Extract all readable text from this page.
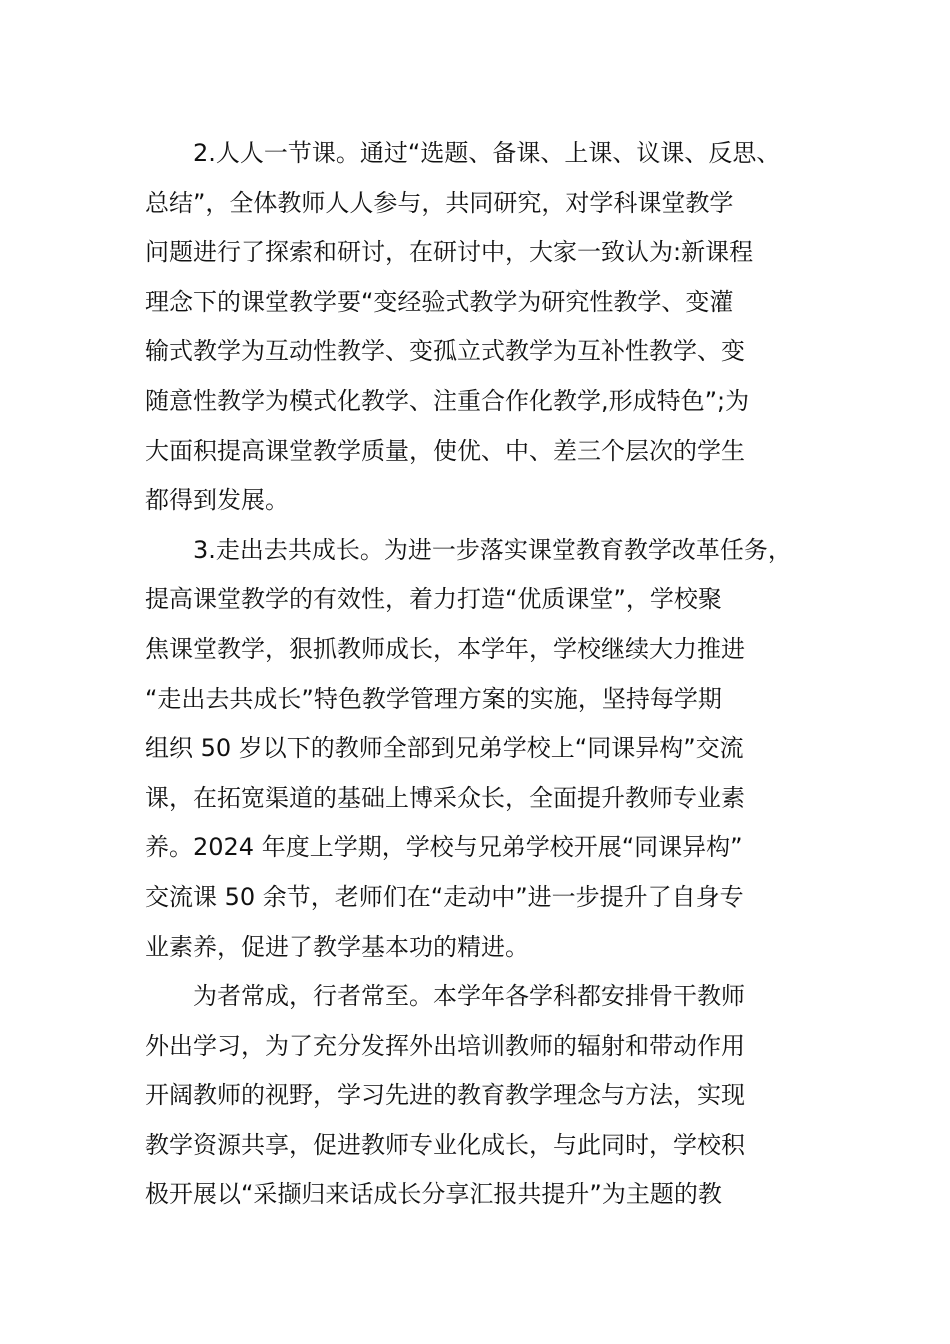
2.人人一节课。通过“选题、备课、上课、议课、反思、
总结”，全体教师人人参与，共同研究，对学科课堂教学
问题进行了探索和研讨，在研讨中，大家一致认为:新课程
理念下的课堂教学要“变经验式教学为研究性教学、变灌
输式教学为互动性教学、变孤立式教学为互补性教学、变
随意性教学为模式化教学、注重合作化教学,形成特色”;为
大面积提高课堂教学质量，使优、中、差三个层次的学生
都得到发展。
3.走出去共成长。为进一步落实课堂教育教学改革任务，
提高课堂教学的有效性，着力打造“优质课堂”，学校聚
焦课堂教学，狠抓教师成长，本学年，学校继续大力推进
“走出去共成长”特色教学管理方案的实施，坚持每学期
组织 50 岁以下的教师全部到兄弟学校上“同课异构”交流
课，在拓宽渠道的基础上博采众长，全面提升教师专业素
养。2024 年度上学期，学校与兄弟学校开展“同课异构”
交流课 50 余节，老师们在“走动中”进一步提升了自身专
业素养，促进了教学基本功的精进。
为者常成，行者常至。本学年各学科都安排骨干教师
外出学习，为了充分发挥外出培训教师的辐射和带动作用
开阔教师的视野，学习先进的教育教学理念与方法，实现
教学资源共享，促进教师专业化成长，与此同时，学校积
极开展以“采撷归来话成长分享汇报共提升”为主题的教
